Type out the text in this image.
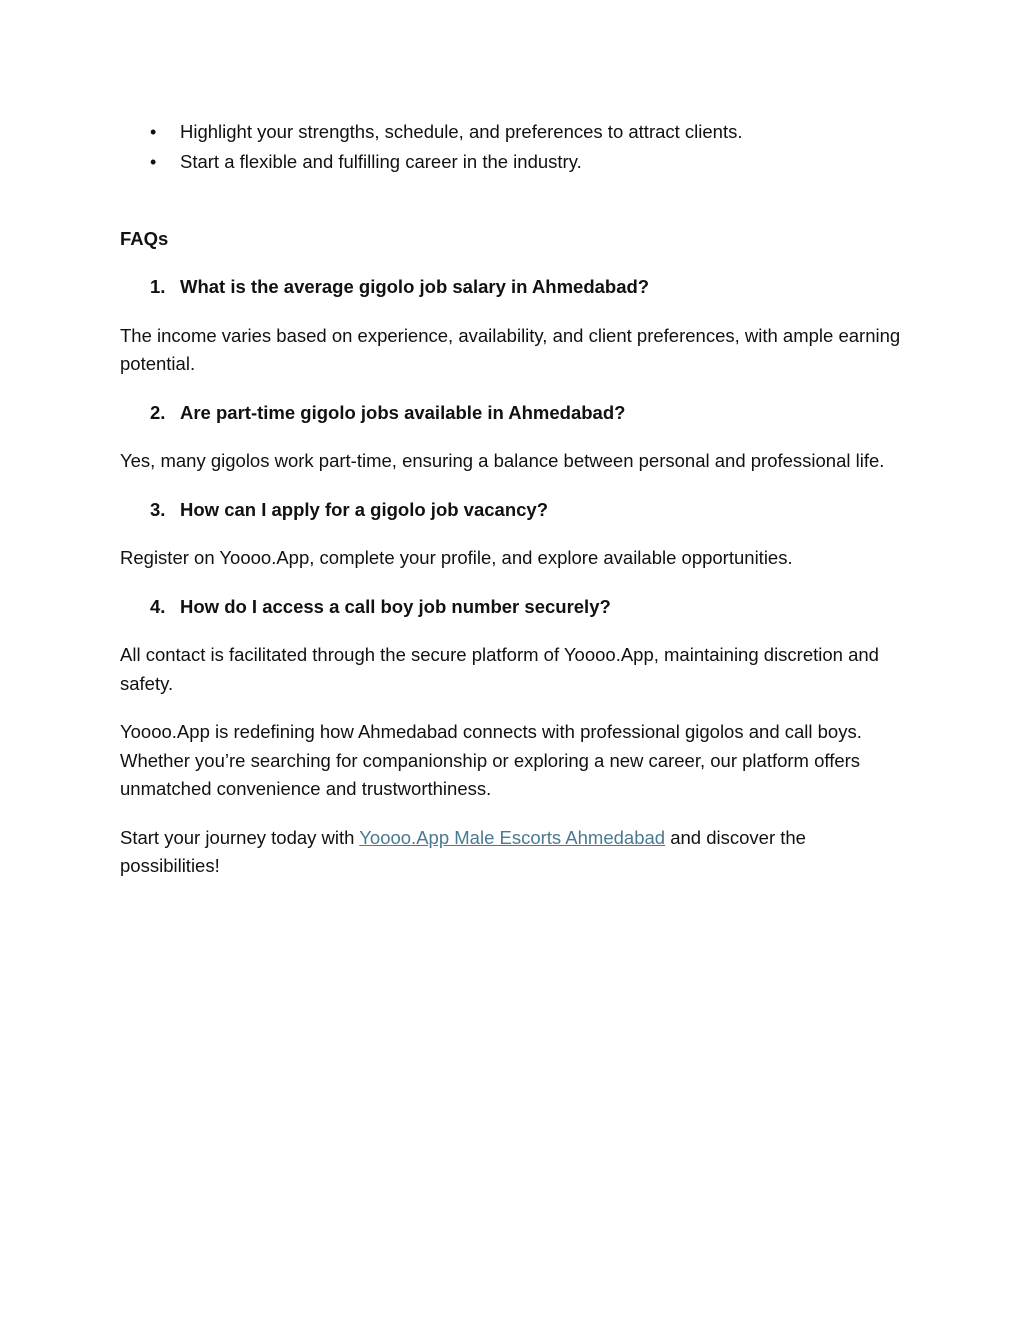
• Highlight your strengths, schedule, and preferences to attract clients.
• Start a flexible and fulfilling career in the industry.
FAQs
1. What is the average gigolo job salary in Ahmedabad?

The income varies based on experience, availability, and client preferences, with ample earning potential.

2. Are part-time gigolo jobs available in Ahmedabad?

Yes, many gigolos work part-time, ensuring a balance between personal and professional life.

3. How can I apply for a gigolo job vacancy?

Register on Yoooo.App, complete your profile, and explore available opportunities.

4. How do I access a call boy job number securely?

All contact is facilitated through the secure platform of Yoooo.App, maintaining discretion and safety.

Yoooo.App is redefining how Ahmedabad connects with professional gigolos and call boys. Whether you’re searching for companionship or exploring a new career, our platform offers unmatched convenience and trustworthiness.

Start your journey today with Yoooo.App Male Escorts Ahmedabad and discover the possibilities!
